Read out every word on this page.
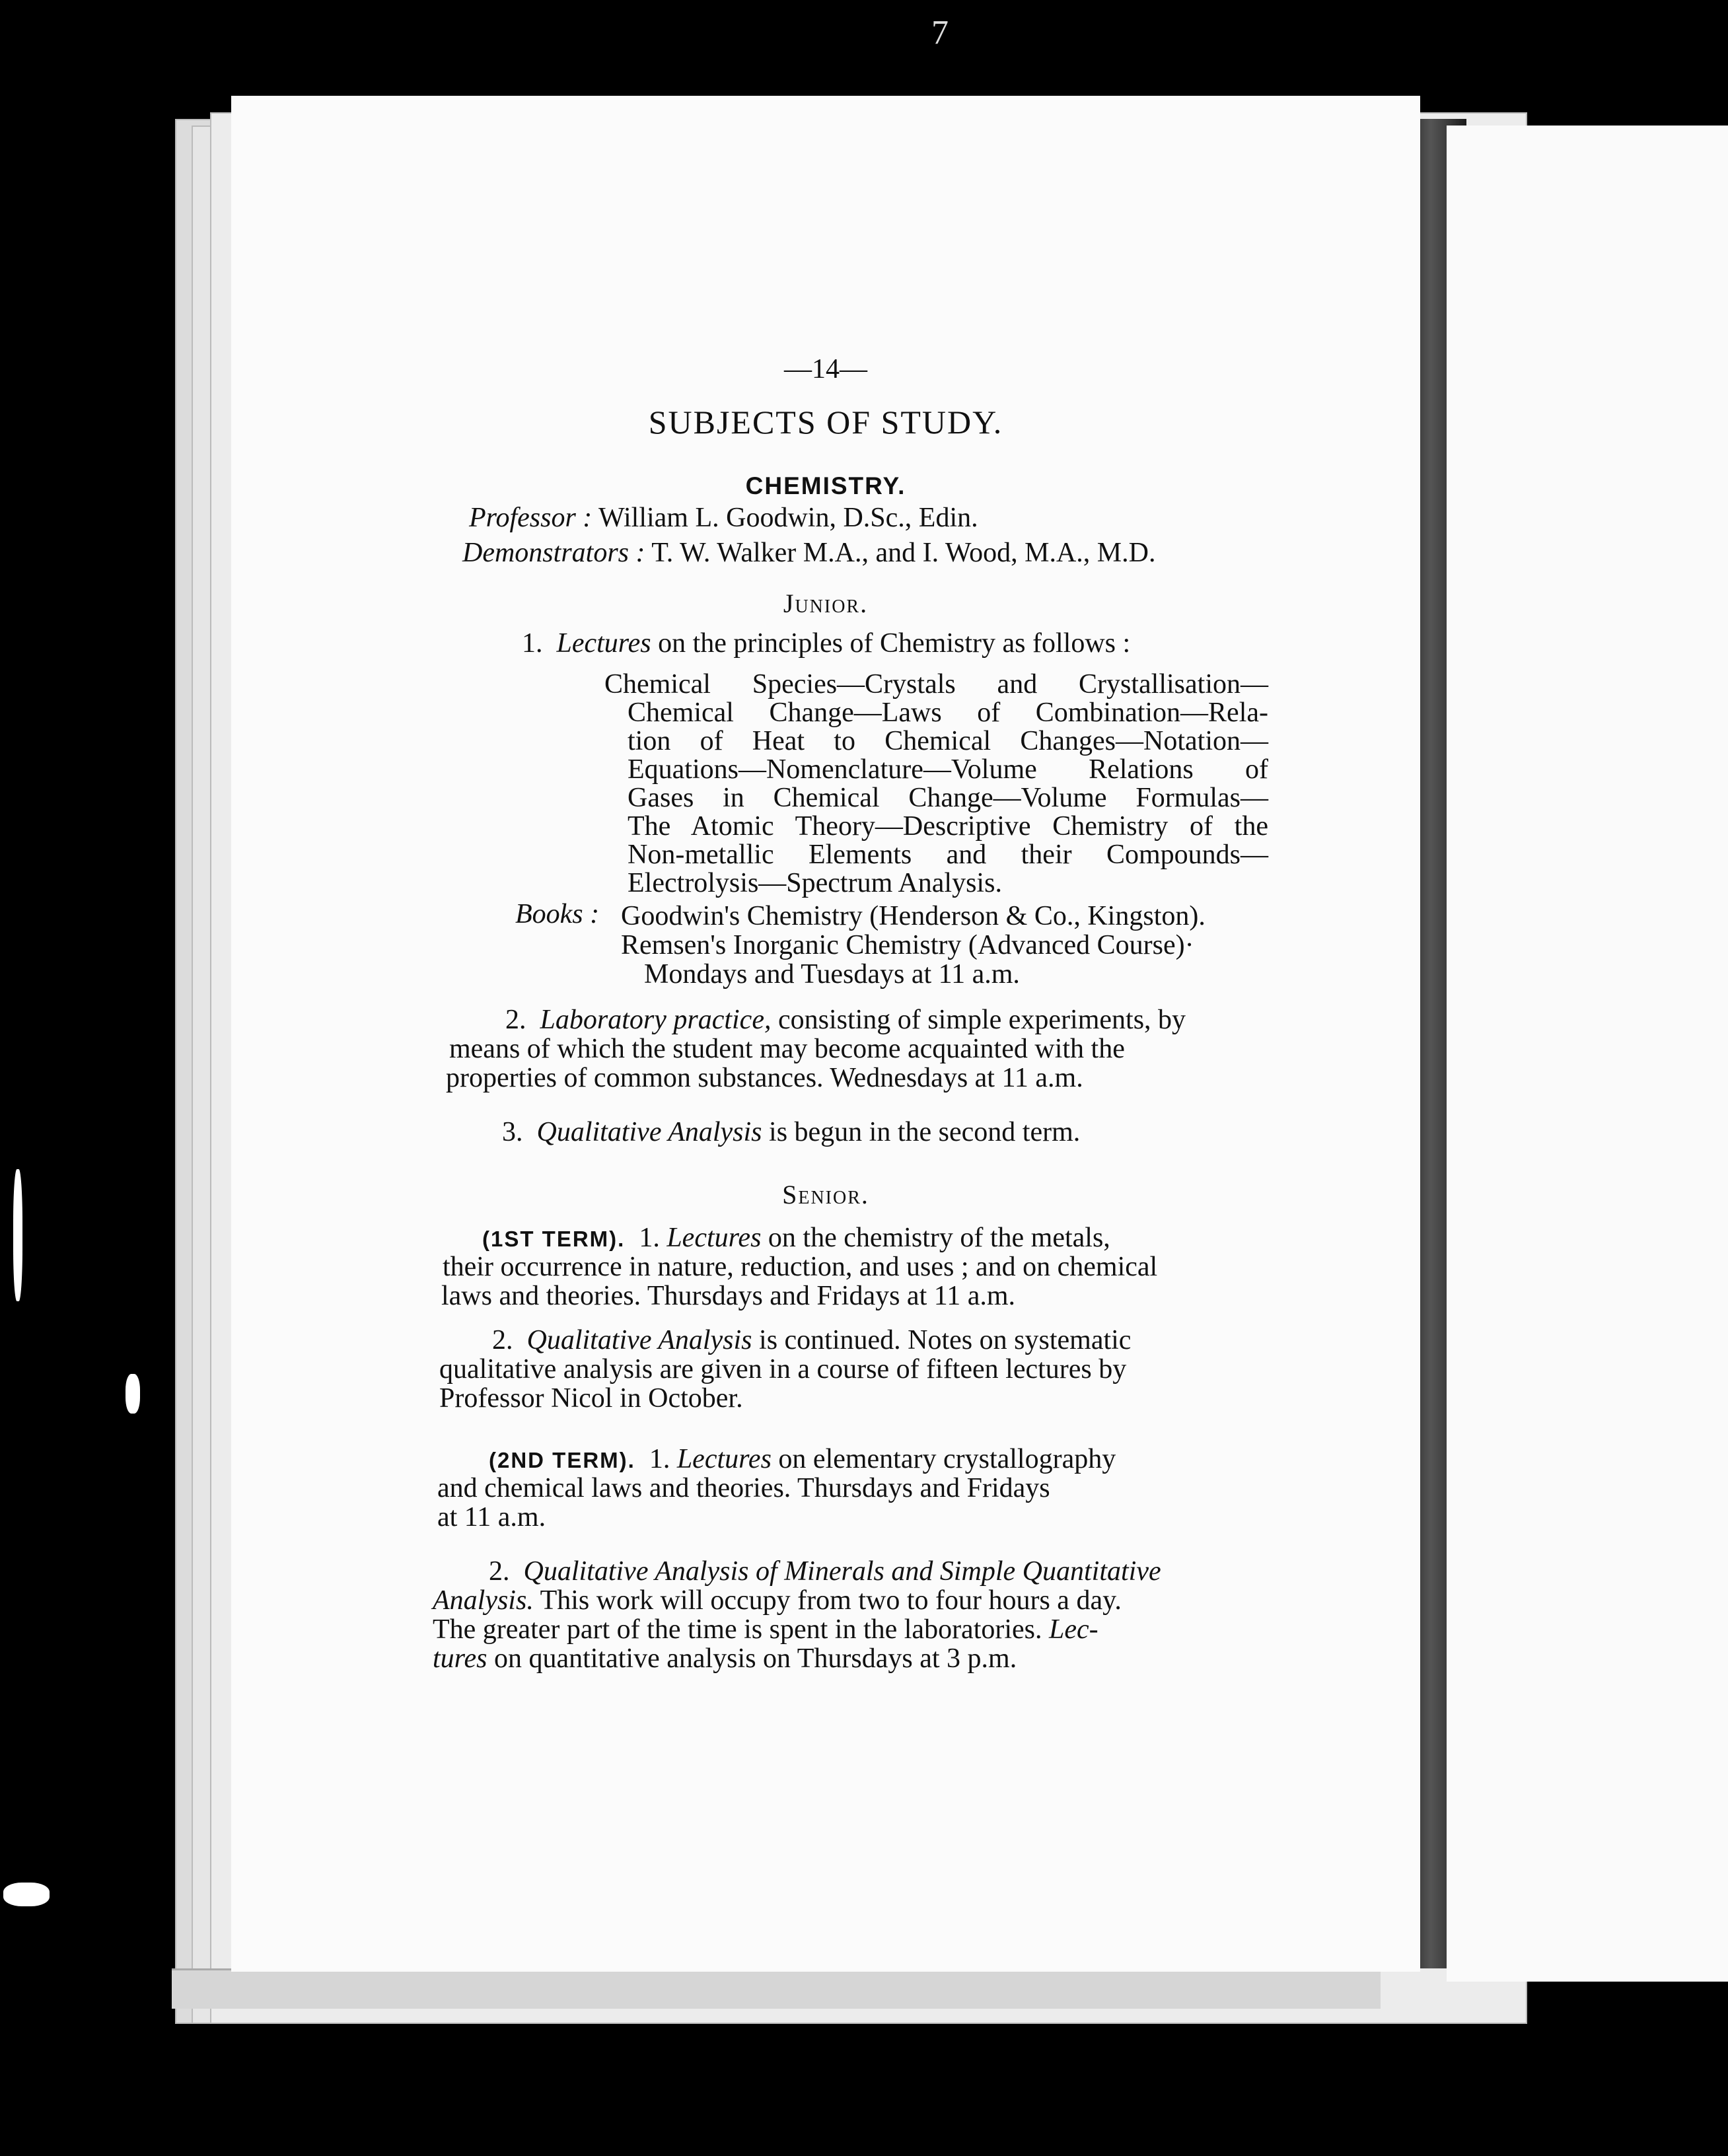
7
—14—
SUBJECTS OF STUDY.
CHEMISTRY.
Professor : William L. Goodwin, D.Sc., Edin.
Demonstrators : T. W. Walker M.A., and I. Wood, M.A., M.D.
Junior.
1. Lectures on the principles of Chemistry as follows :
Chemical Species—Crystals and Crystallisation—
Chemical Change—Laws of Combination—Rela-
tion of Heat to Chemical Changes—Notation—
Equations—Nomenclature—Volume Relations of
Gases in Chemical Change—Volume Formulas—
The Atomic Theory—Descriptive Chemistry of the
Non-metallic Elements and their Compounds—
Electrolysis—Spectrum Analysis.
Books : Goodwin's Chemistry (Henderson & Co., Kingston).
Remsen's Inorganic Chemistry (Advanced Course)·
Mondays and Tuesdays at 11 a.m.
2. Laboratory practice, consisting of simple experiments, by
means of which the student may become acquainted with the
properties of common substances. Wednesdays at 11 a.m.
3. Qualitative Analysis is begun in the second term.
Senior.
(1ST TERM). 1. Lectures on the chemistry of the metals,
their occurrence in nature, reduction, and uses ; and on chemical
laws and theories. Thursdays and Fridays at 11 a.m.
2. Qualitative Analysis is continued. Notes on systematic
qualitative analysis are given in a course of fifteen lectures by
Professor Nicol in October.
(2ND TERM). 1. Lectures on elementary crystallography
and chemical laws and theories. Thursdays and Fridays
at 11 a.m.
2. Qualitative Analysis of Minerals and Simple Quantitative
Analysis. This work will occupy from two to four hours a day.
The greater part of the time is spent in the laboratories. Lec-
tures on quantitative analysis on Thursdays at 3 p.m.
